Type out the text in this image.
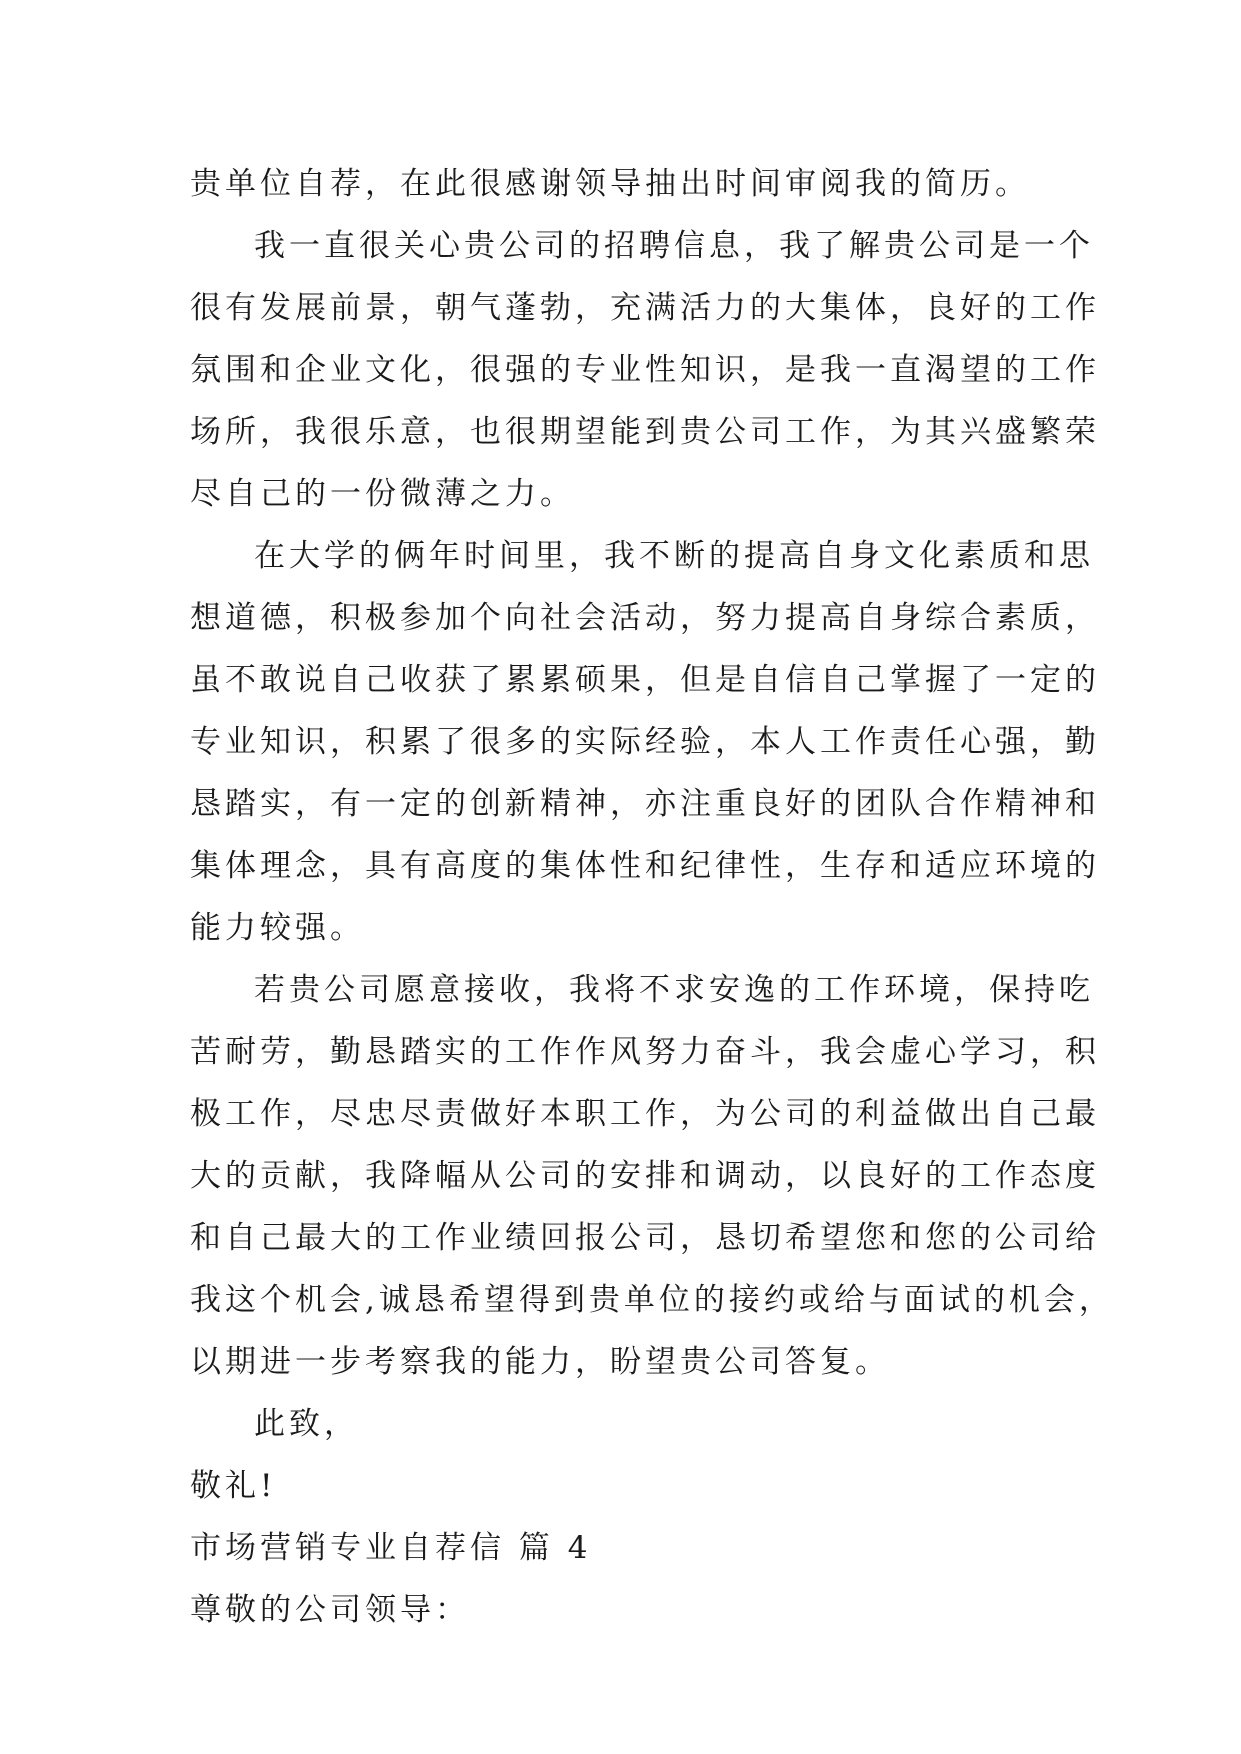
贵单位自荐，在此很感谢领导抽出时间审阅我的简历。
我一直很关心贵公司的招聘信息，我了解贵公司是一个
很有发展前景，朝气蓬勃，充满活力的大集体，良好的工作
氛围和企业文化，很强的专业性知识，是我一直渴望的工作
场所，我很乐意，也很期望能到贵公司工作，为其兴盛繁荣
尽自己的一份微薄之力。
在大学的俩年时间里，我不断的提高自身文化素质和思
想道德，积极参加个向社会活动，努力提高自身综合素质，
虽不敢说自己收获了累累硕果，但是自信自己掌握了一定的
专业知识，积累了很多的实际经验，本人工作责任心强，勤
恳踏实，有一定的创新精神，亦注重良好的团队合作精神和
集体理念，具有高度的集体性和纪律性，生存和适应环境的
能力较强。
若贵公司愿意接收，我将不求安逸的工作环境，保持吃
苦耐劳，勤恳踏实的工作作风努力奋斗，我会虚心学习，积
极工作，尽忠尽责做好本职工作，为公司的利益做出自己最
大的贡献，我降幅从公司的安排和调动，以良好的工作态度
和自己最大的工作业绩回报公司，恳切希望您和您的公司给
我这个机会,诚恳希望得到贵单位的接约或给与面试的机会，
以期进一步考察我的能力，盼望贵公司答复。
此致，
敬礼!
市场营销专业自荐信 篇 4
尊敬的公司领导：
